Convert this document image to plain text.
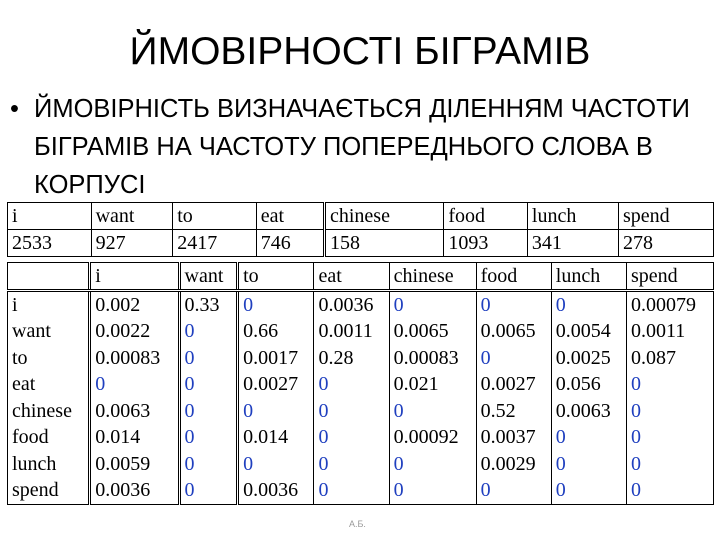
ЙМОВІРНОСТІ БІГРАМІВ
• ЙМОВІРНІСТЬ ВИЗНАЧАЄТЬСЯ ДІЛЕННЯМ ЧАСТОТИ БІГРАМІВ НА ЧАСТОТУ ПОПЕРЕДНЬОГО СЛОВА В КОРПУСІ
i	want	to	eat	chinese	food	lunch	spend
2533	927	2417	746	158	1093	341	278
	i	want	to	eat	chinese	food	lunch	spend
i	0.002	0.33	0	0.0036	0	0	0	0.00079
want	0.0022	0	0.66	0.0011	0.0065	0.0065	0.0054	0.0011
to	0.00083	0	0.0017	0.28	0.00083	0	0.0025	0.087
eat	0	0	0.0027	0	0.021	0.0027	0.056	0
chinese	0.0063	0	0	0	0	0.52	0.0063	0
food	0.014	0	0.014	0	0.00092	0.0037	0	0
lunch	0.0059	0	0	0	0	0.0029	0	0
spend	0.0036	0	0.0036	0	0	0	0	0
А.Б.
